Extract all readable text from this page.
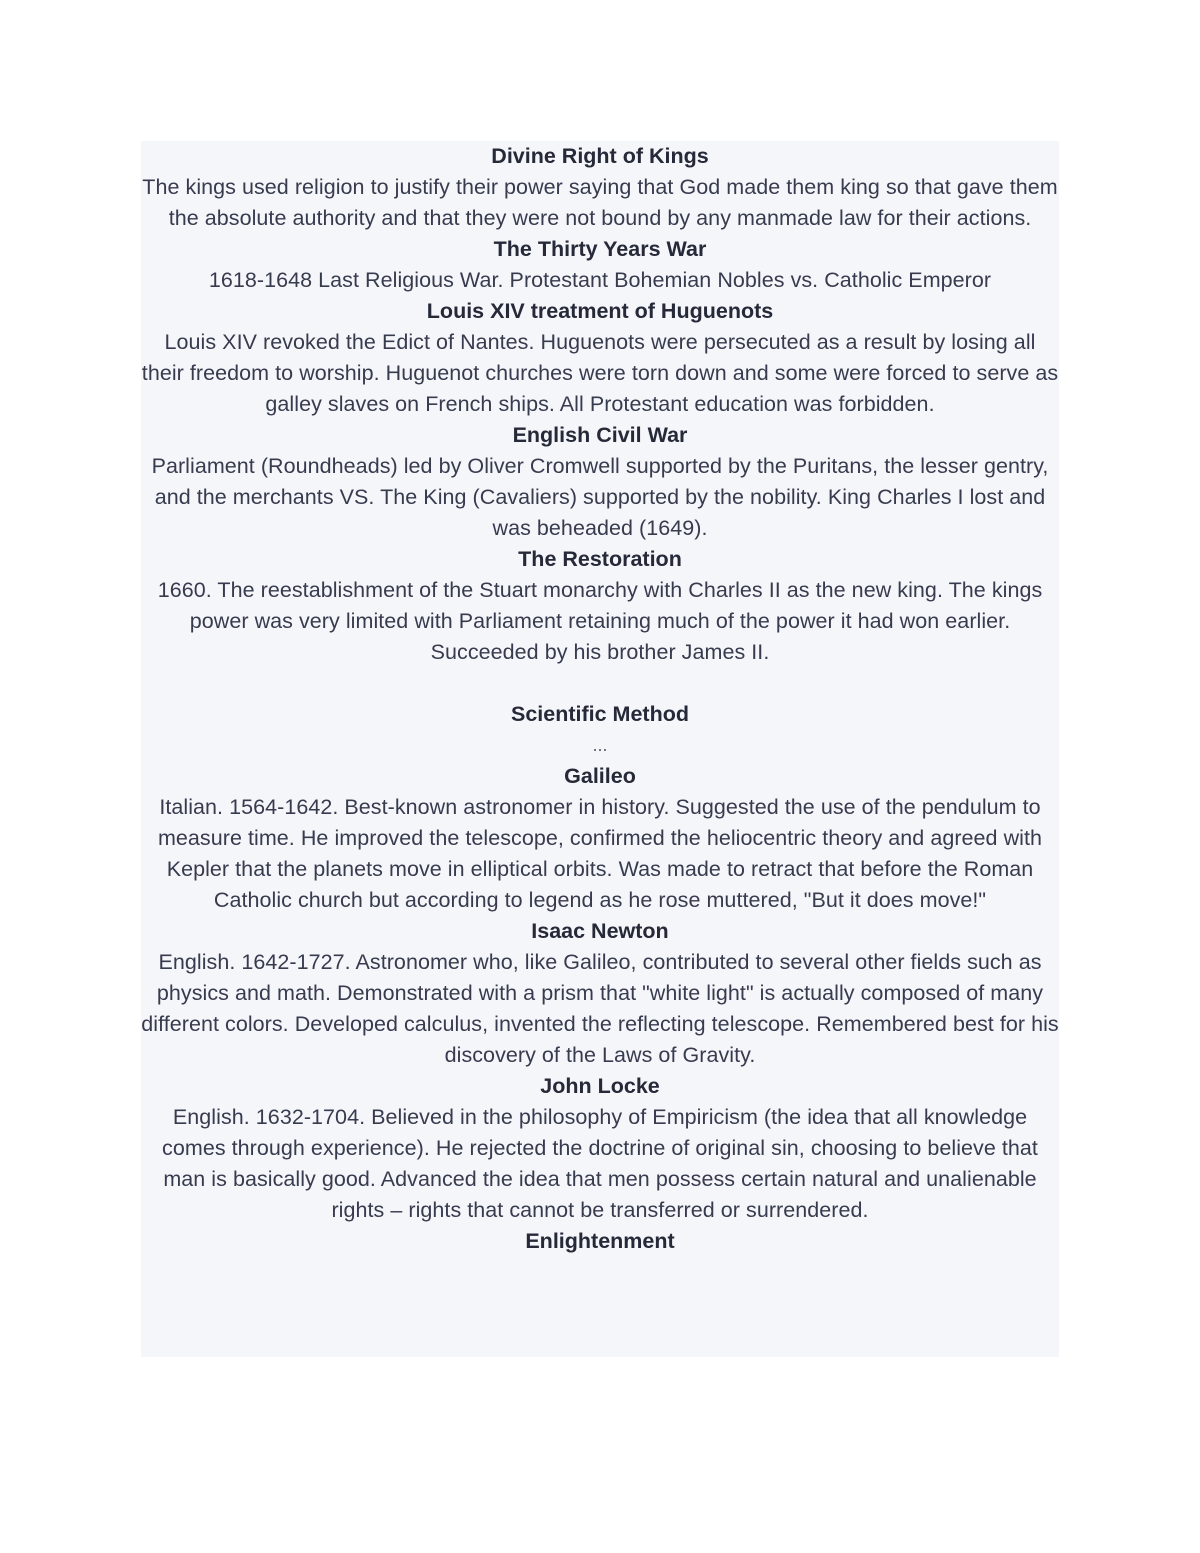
Divine Right of Kings

The kings used religion to justify their power saying that God made them king so that gave them the absolute authority and that they were not bound by any manmade law for their actions.

The Thirty Years War

1618-1648 Last Religious War. Protestant Bohemian Nobles vs. Catholic Emperor

Louis XIV treatment of Huguenots

Louis XIV revoked the Edict of Nantes. Huguenots were persecuted as a result by losing all their freedom to worship. Huguenot churches were torn down and some were forced to serve as galley slaves on French ships. All Protestant education was forbidden.

English Civil War

Parliament (Roundheads) led by Oliver Cromwell supported by the Puritans, the lesser gentry, and the merchants VS. The King (Cavaliers) supported by the nobility. King Charles I lost and was beheaded (1649).

The Restoration

1660. The reestablishment of the Stuart monarchy with Charles II as the new king. The kings power was very limited with Parliament retaining much of the power it had won earlier. Succeeded by his brother James II.

Scientific Method

...

Galileo

Italian. 1564-1642. Best-known astronomer in history. Suggested the use of the pendulum to measure time. He improved the telescope, confirmed the heliocentric theory and agreed with Kepler that the planets move in elliptical orbits. Was made to retract that before the Roman Catholic church but according to legend as he rose muttered, "But it does move!"

Isaac Newton

English. 1642-1727. Astronomer who, like Galileo, contributed to several other fields such as physics and math. Demonstrated with a prism that "white light" is actually composed of many different colors. Developed calculus, invented the reflecting telescope. Remembered best for his discovery of the Laws of Gravity.

John Locke

English. 1632-1704. Believed in the philosophy of Empiricism (the idea that all knowledge comes through experience). He rejected the doctrine of original sin, choosing to believe that man is basically good. Advanced the idea that men possess certain natural and unalienable rights – rights that cannot be transferred or surrendered.

Enlightenment
